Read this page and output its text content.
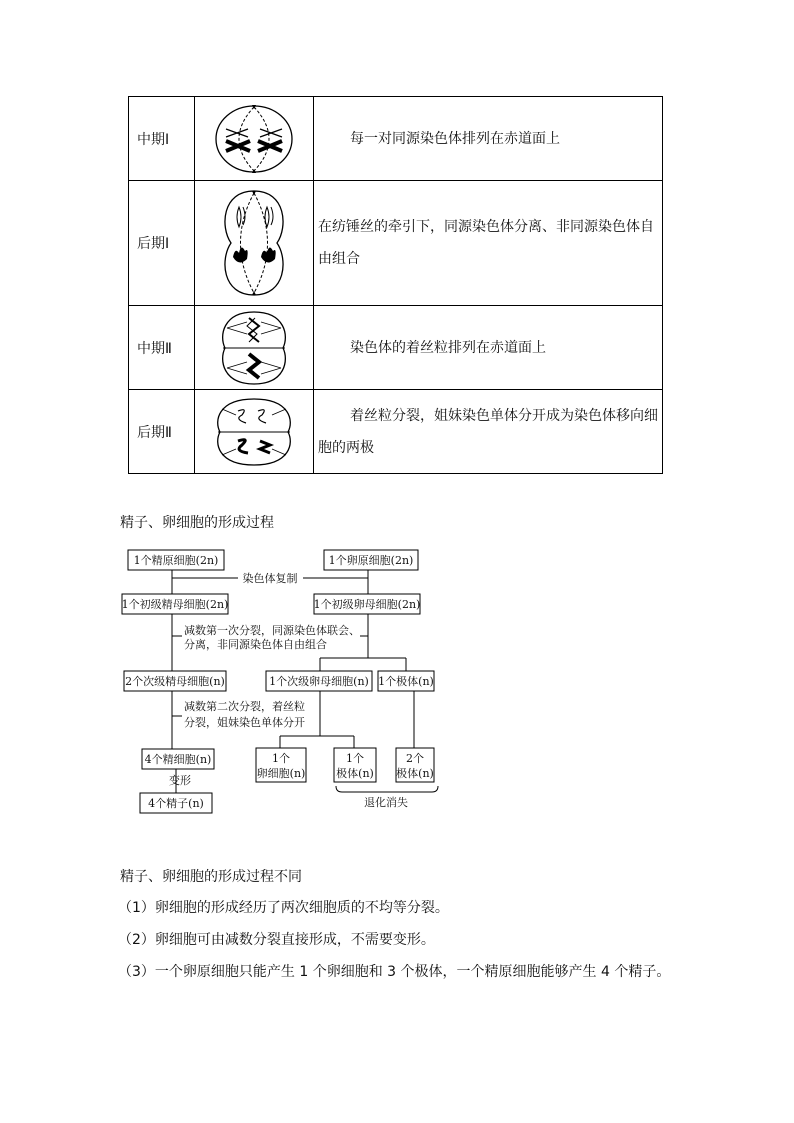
中期Ⅰ		每一对同源染色体排列在赤道面上

后期Ⅰ		在纺锤丝的牵引下，同源染色体分离、非同源染色体自由组合

中期Ⅱ		染色体的着丝粒排列在赤道面上

后期Ⅱ		着丝粒分裂，姐妹染色单体分开成为染色体移向细胞的两极
精子、卵细胞的形成过程
1个精原细胞(2n)	1个卵原细胞(2n)
染色体复制
1个初级精母细胞(2n)	1个初级卵母细胞(2n)
减数第一次分裂，同源染色体联会、
分离，非同源染色体自由组合
2个次级精母细胞(n)	1个次级卵母细胞(n) 1个极体(n)
减数第二次分裂，着丝粒
分裂，姐妹染色单体分开
4个精细胞(n)
变形
4个精子(n)
1个
卵细胞(n)
1个
极体(n)
2个
极体(n)
退化消失
精子、卵细胞的形成过程不同
（1）卵细胞的形成经历了两次细胞质的不均等分裂。
（2）卵细胞可由减数分裂直接形成，不需要变形。
（3）一个卵原细胞只能产生 1 个卵细胞和 3 个极体，一个精原细胞能够产生 4 个精子。
